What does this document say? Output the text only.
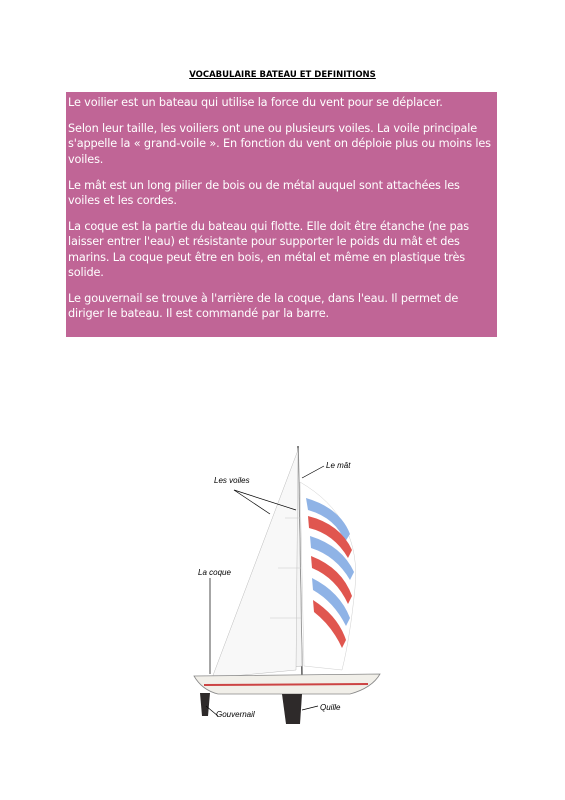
VOCABULAIRE BATEAU ET DEFINITIONS

Le voilier est un bateau qui utilise la force du vent pour se déplacer.

Selon leur taille, les voiliers ont une ou plusieurs voiles. La voile principale s'appelle la « grand-voile ». En fonction du vent on déploie plus ou moins les voiles.

Le mât est un long pilier de bois ou de métal auquel sont attachées les voiles et les cordes.

La coque est la partie du bateau qui flotte. Elle doit être étanche (ne pas laisser entrer l'eau) et résistante pour supporter le poids du mât et des marins. La coque peut être en bois, en métal et même en plastique très solide.

Le gouvernail se trouve à l'arrière de la coque, dans l'eau. Il permet de diriger le bateau. Il est commandé par la barre.

Le mât
Les voiles
La coque
Gouvernail
Quille
